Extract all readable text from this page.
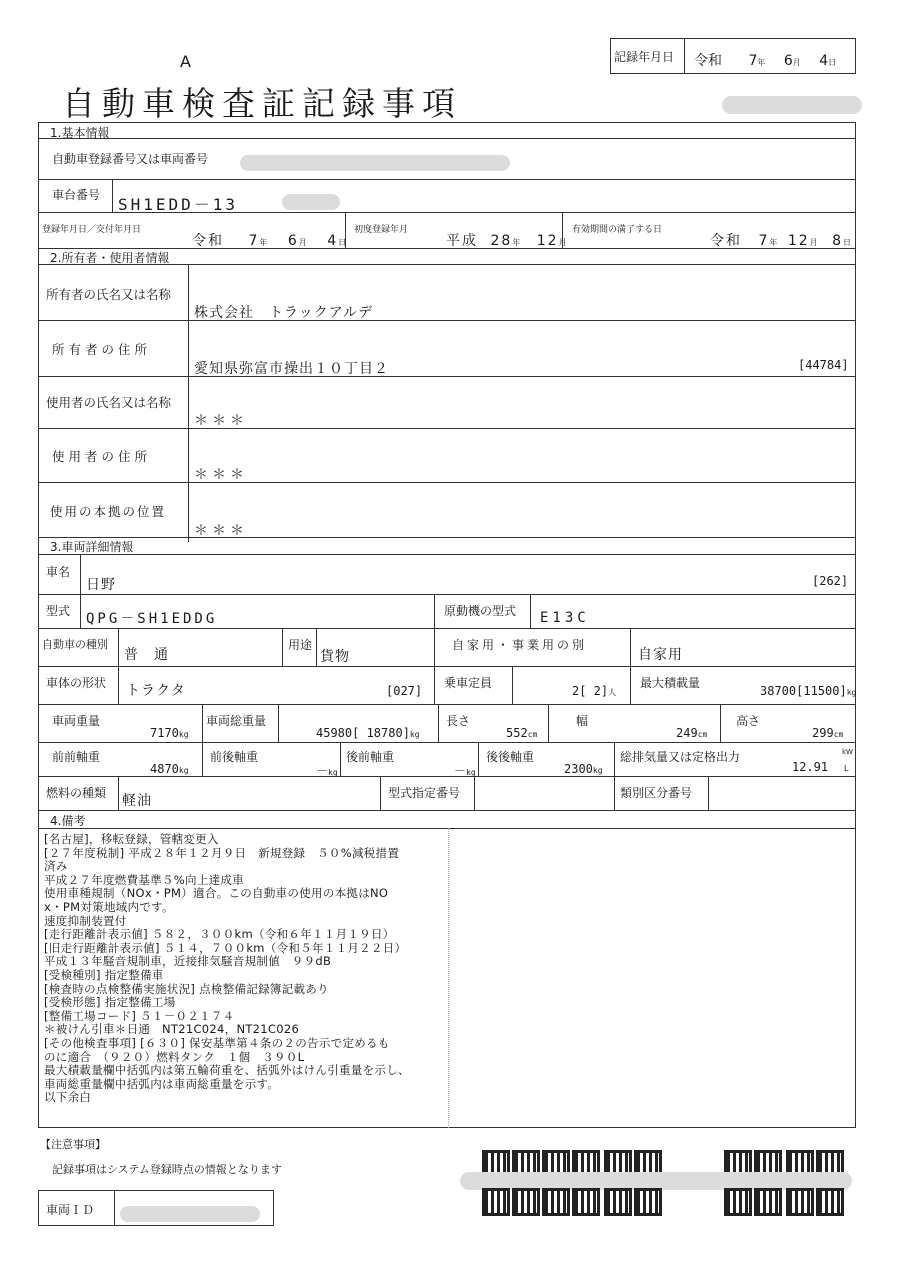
A
自動車検査証記録事項
記録年月日 令和 7年 6月 4日
1.基本情報
自動車登録番号又は車両番号
車台番号 SH1EDD－13
登録年月日／交付年月日
令和 7年 6月 4日
初度登録年月
平成 28年 12月
有効期間の満了する日
令和 7年 12月 8日
2.所有者・使用者情報
所有者の氏名又は名称
株式会社　トラックアルデ
所有者の住所
愛知県弥富市操出１０丁目２	[44784]
使用者の氏名又は名称
＊＊＊
使用者の住所
＊＊＊
使用の本拠の位置
＊＊＊
3.車両詳細情報
車名
日野	[262]
型式 QPG－SH1EDDG	原動機の型式 E13C
自動車の種別
普　通
用途
貨物
自家用・事業用の別
自家用
車体の形状 トラクタ	[027]
乗車定員
2[ 2]人
最大積載量
38700[11500]kg
車両重量
7170kg
車両総重量
45980[ 18780]kg
長さ
552cm
幅
249cm
高さ
299cm
前前軸重
4870kg
前後軸重
－kg
後前軸重
－kg
後後軸重
2300kg
総排気量又は定格出力
12.91
kW
L
燃料の種類 軽油	型式指定番号	類別区分番号
4.備考
[名古屋]，移転登録，管轄変更入
[２７年度税制] 平成２８年１２月９日　新規登録　５０%減税措置
済み
平成２７年度燃費基準５%向上達成車
使用車種規制（NOx・PM）適合。この自動車の使用の本拠はNO
x・PM対策地域内です。
速度抑制装置付
[走行距離計表示値] ５８２，３００km（令和６年１１月１９日）
[旧走行距離計表示値] ５１４，７００km（令和５年１１月２２日）
平成１３年騒音規制車，近接排気騒音規制値　９９dB
[受検種別] 指定整備車
[検査時の点検整備実施状況] 点検整備記録簿記載あり
[受検形態] 指定整備工場
[整備工場コード] ５１－０２１７４
＊被けん引車＊日通　NT21C024，NT21C026
[その他検査事項] [６３０] 保安基準第４条の２の告示で定めるも
のに適合　（９２０）燃料タンク　１個　３９０L
最大積載量欄中括弧内は第五輪荷重を、括弧外はけん引重量を示し、
車両総重量欄中括弧内は車両総重量を示す。
以下余白
【注意事項】
記録事項はシステム登録時点の情報となります
車両ＩＤ
